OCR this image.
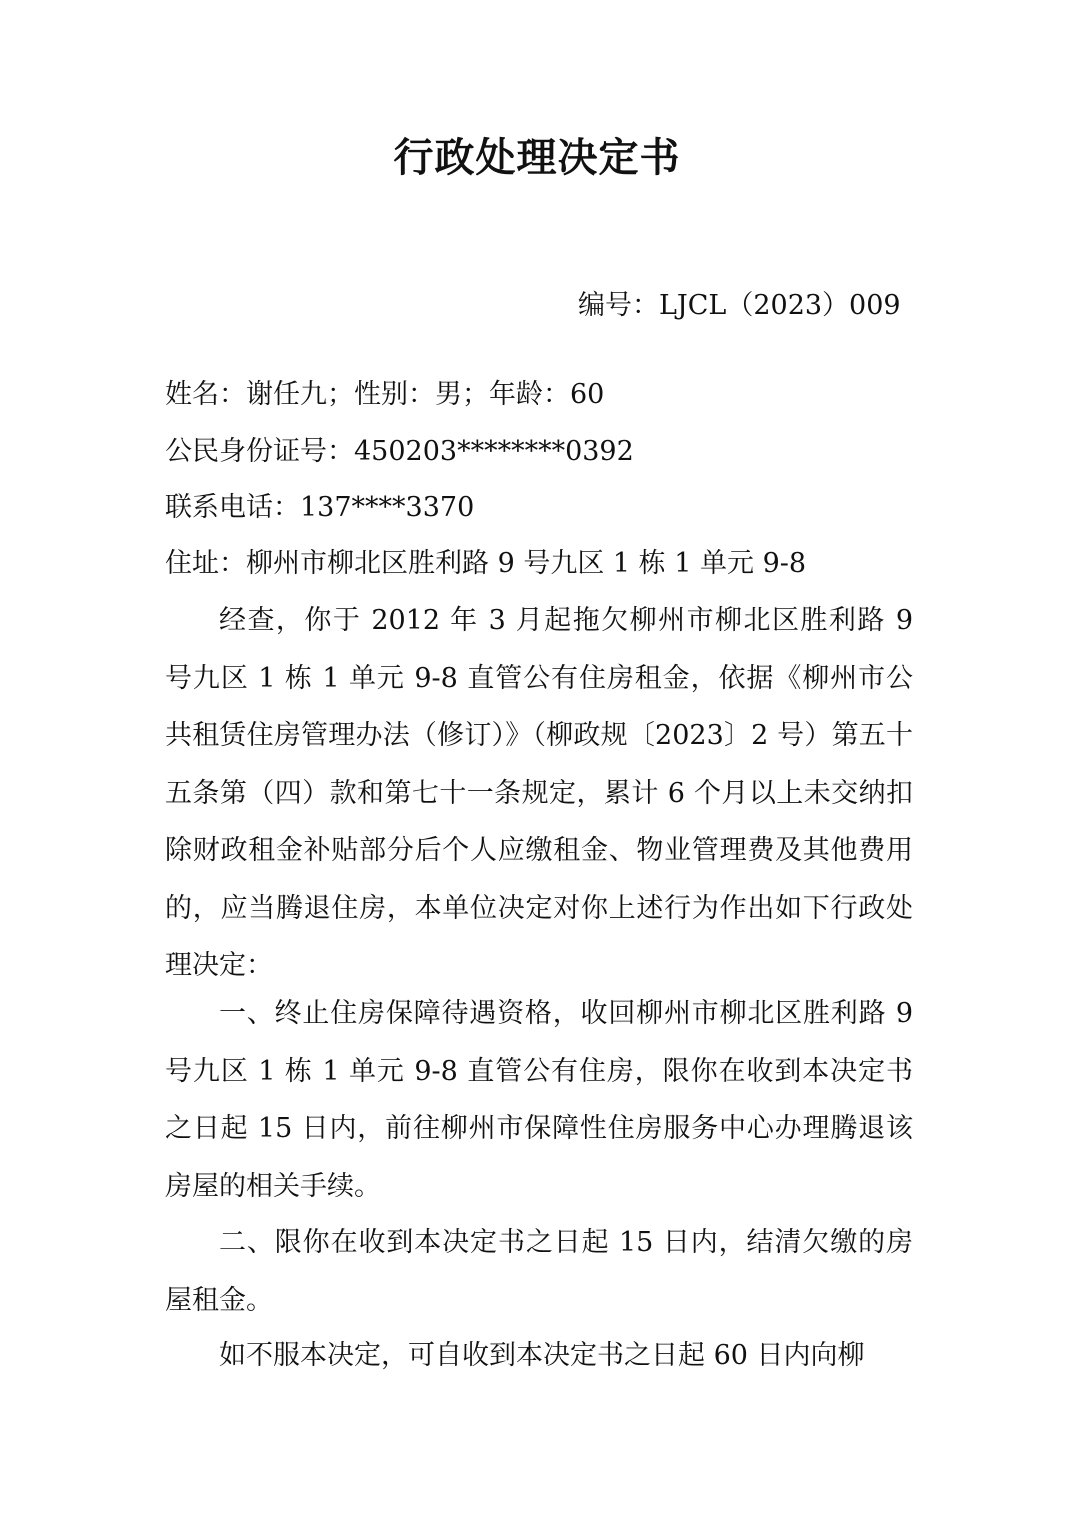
行政处理决定书
编号：LJCL（2023）009
姓名：谢任九；性别：男；年龄：60
公民身份证号：450203********0392
联系电话：137****3370
住址：柳州市柳北区胜利路 9 号九区 1 栋 1 单元 9-8

经查，你于 2012 年 3 月起拖欠柳州市柳北区胜利路 9 号九区 1 栋 1 单元 9-8 直管公有住房租金，依据《柳州市公共租赁住房管理办法（修订）》（柳政规〔2023〕2 号）第五十五条第（四）款和第七十一条规定，累计 6 个月以上未交纳扣除财政租金补贴部分后个人应缴租金、物业管理费及其他费用的，应当腾退住房，本单位决定对你上述行为作出如下行政处理决定：

一、终止住房保障待遇资格，收回柳州市柳北区胜利路 9 号九区 1 栋 1 单元 9-8 直管公有住房，限你在收到本决定书之日起 15 日内，前往柳州市保障性住房服务中心办理腾退该房屋的相关手续。

二、限你在收到本决定书之日起 15 日内，结清欠缴的房屋租金。

如不服本决定，可自收到本决定书之日起 60 日内向柳
